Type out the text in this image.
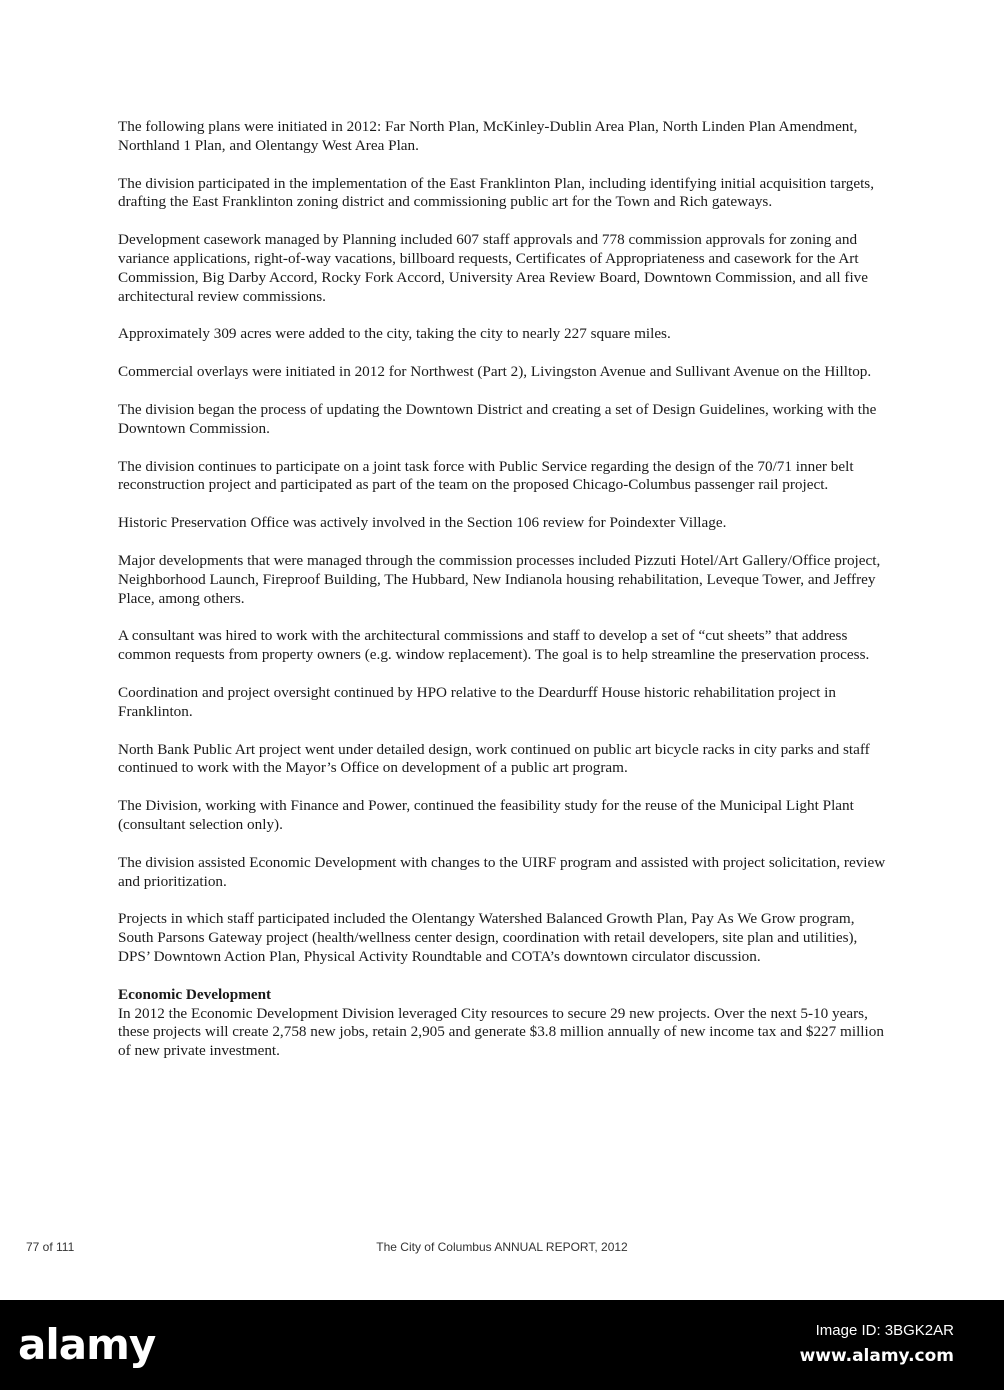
The following plans were initiated in 2012: Far North Plan, McKinley-Dublin Area Plan, North Linden Plan Amendment, Northland 1 Plan, and Olentangy West Area Plan.

The division participated in the implementation of the East Franklinton Plan, including identifying initial acquisition targets, drafting the East Franklinton zoning district and commissioning public art for the Town and Rich gateways.

Development casework managed by Planning included 607 staff approvals and 778 commission approvals for zoning and variance applications, right-of-way vacations, billboard requests, Certificates of Appropriateness and casework for the Art Commission, Big Darby Accord, Rocky Fork Accord, University Area Review Board, Downtown Commission, and all five architectural review commissions.

Approximately 309 acres were added to the city, taking the city to nearly 227 square miles.

Commercial overlays were initiated in 2012 for Northwest (Part 2), Livingston Avenue and Sullivant Avenue on the Hilltop.

The division began the process of updating the Downtown District and creating a set of Design Guidelines, working with the Downtown Commission.

The division continues to participate on a joint task force with Public Service regarding the design of the 70/71 inner belt reconstruction project and participated as part of the team on the proposed Chicago-Columbus passenger rail project.

Historic Preservation Office was actively involved in the Section 106 review for Poindexter Village.

Major developments that were managed through the commission processes included Pizzuti Hotel/Art Gallery/Office project, Neighborhood Launch, Fireproof Building, The Hubbard, New Indianola housing rehabilitation, Leveque Tower, and Jeffrey Place, among others.

A consultant was hired to work with the architectural commissions and staff to develop a set of “cut sheets” that address common requests from property owners (e.g. window replacement). The goal is to help streamline the preservation process.

Coordination and project oversight continued by HPO relative to the Deardurff House historic rehabilitation project in Franklinton.

North Bank Public Art project went under detailed design, work continued on public art bicycle racks in city parks and staff continued to work with the Mayor’s Office on development of a public art program.

The Division, working with Finance and Power, continued the feasibility study for the reuse of the Municipal Light Plant (consultant selection only).

The division assisted Economic Development with changes to the UIRF program and assisted with project solicitation, review and prioritization.

Projects in which staff participated included the Olentangy Watershed Balanced Growth Plan, Pay As We Grow program, South Parsons Gateway project (health/wellness center design, coordination with retail developers, site plan and utilities), DPS’ Downtown Action Plan, Physical Activity Roundtable and COTA’s downtown circulator discussion.

Economic Development

In 2012 the Economic Development Division leveraged City resources to secure 29 new projects. Over the next 5-10 years, these projects will create 2,758 new jobs, retain 2,905 and generate $3.8 million annually of new income tax and $227 million of new private investment.

77 of 111	The City of Columbus ANNUAL REPORT, 2012
alamy	Image ID: 3BGK2AR
www.alamy.com
